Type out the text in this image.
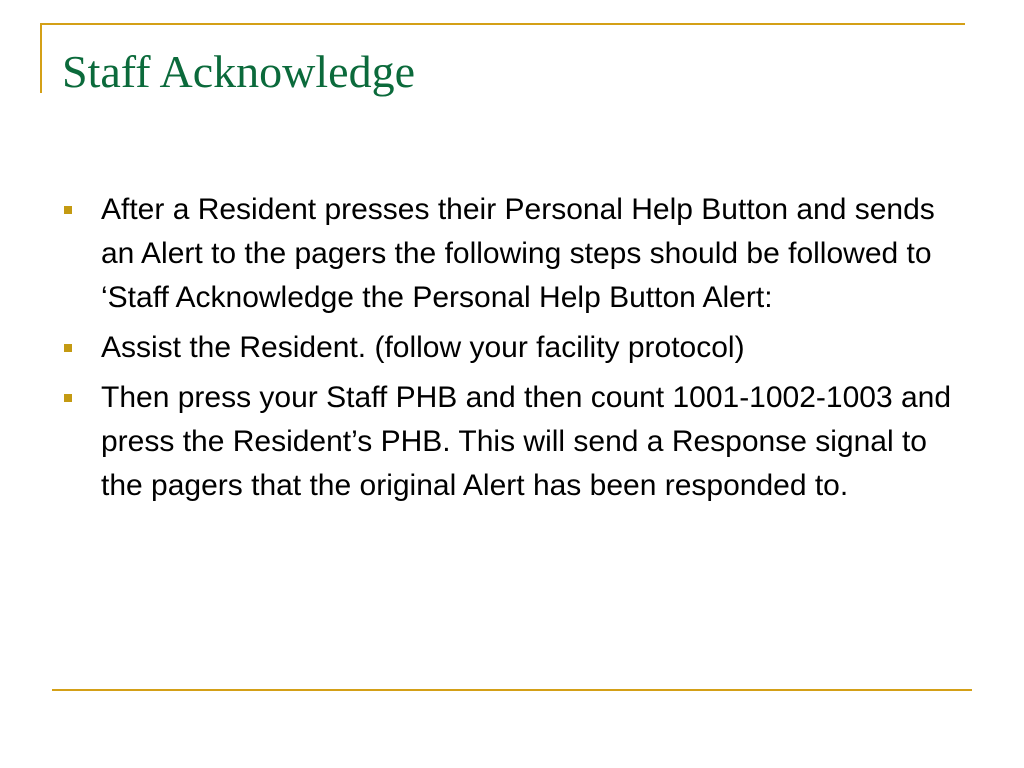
Staff Acknowledge
After a Resident presses their Personal Help Button and sends an Alert to the pagers the following steps should be followed to ‘Staff Acknowledge the Personal Help Button Alert:
Assist the Resident. (follow your facility protocol)
Then press your Staff PHB and then count 1001-1002-1003 and press the Resident’s PHB. This will send a Response signal to the pagers that the original Alert has been responded to.
